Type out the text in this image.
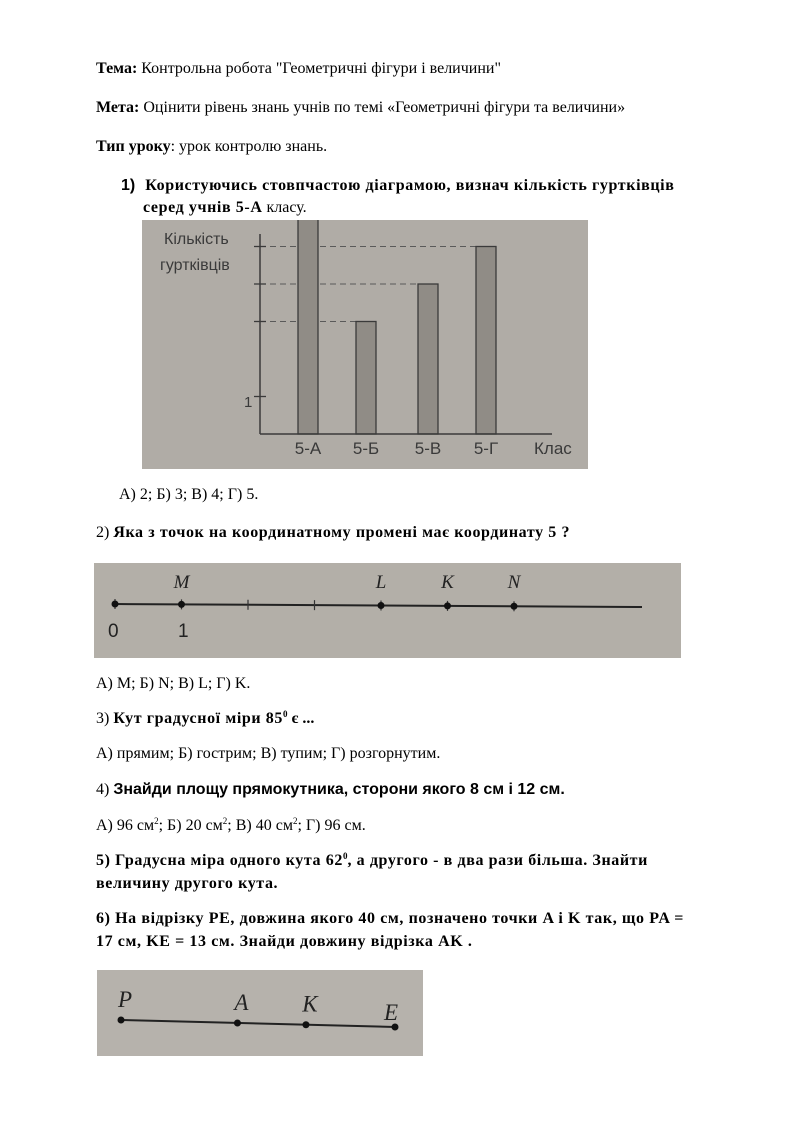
Тема: Контрольна робота "Геометричні фігури і величини"
Мета: Оцінити рівень знань учнів по темі «Геометричні фігури та величини»
Тип уроку: урок контролю знань.
1) Користуючись стовпчастою діаграмою, визнач кількість гуртківців
серед учнів 5-А класу.
Кількість
гуртківців
1
5-А 5-Б 5-В 5-Г Клас
А) 2; Б) 3; В) 4; Г) 5.
2) Яка з точок на координатному промені має координату 5 ?
M	L	K	N
0	1
А) M; Б) N; В) L; Г) K.
3) Кут градусної міри $85^0$ є ...
А) прямим; Б) гострим; В) тупим; Г) розгорнутим.
4) Знайди площу прямокутника, сторони якого 8 см і 12 см.
А) 96 $см^2$; Б) 20 $см^2$; В) 40 $см^2$; Г) 96 см.
5) Градусна міра одного кута $62^0$, а другого - в два рази більша. Знайти
величину другого кута.
6) На відрізку PE, довжина якого 40 см, позначено точки A і K так, що PA =
17 см, KE = 13 см. Знайди довжину відрізка AK .
P	A K	E
